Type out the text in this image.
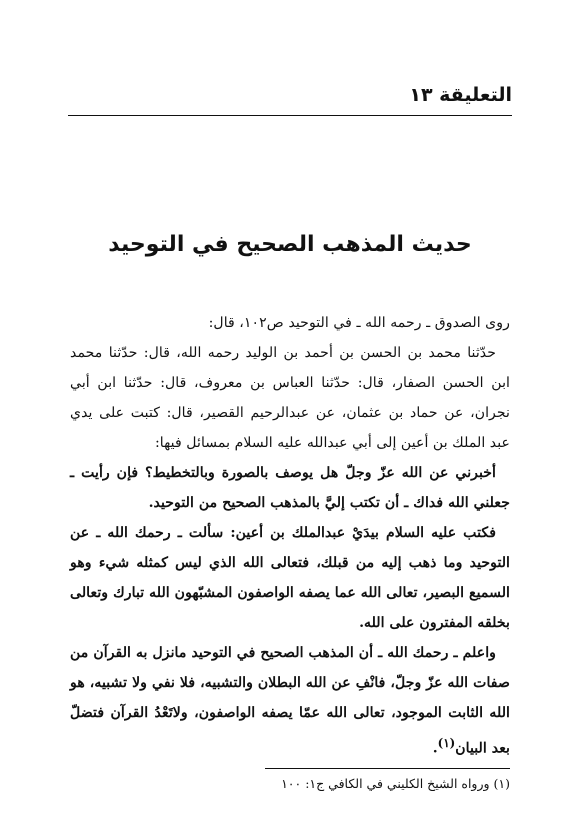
التعليقة ١٣
حديث المذهب الصحيح في التوحيد

روى الصدوق ـ رحمه الله ـ في التوحيد ص١٠٢، قال:

حدّثنا محمد بن الحسن بن أحمد بن الوليد رحمه الله، قال: حدّثنا محمد ابن الحسن الصفار، قال: حدّثنا العباس بن معروف، قال: حدّثنا ابن أبي نجران، عن حماد بن عثمان، عن عبدالرحيم القصير، قال: كتبت على يدي عبد الملك بن أعين إلى أبي عبدالله عليه السلام بمسائل فيها:

أخبرني عن الله عزّ وجلّ هل يوصف بالصورة وبالتخطيط؟ فإن رأيت ـ جعلني الله فداك ـ أن تكتب إليَّ بالمذهب الصحيح من التوحيد.

فكتب عليه السلام بيدَيْ عبدالملك بن أعين: سألت ـ رحمك الله ـ عن التوحيد وما ذهب إليه من قبلك، فتعالى الله الذي ليس كمثله شيء وهو السميع البصير، تعالى الله عما يصفه الواصفون المشبّهون الله تبارك وتعالى بخلقه المفترون على الله.

واعلم ـ رحمك الله ـ أن المذهب الصحيح في التوحيد مانزل به القرآن من صفات الله عزّ وجلّ، فانْفِ عن الله البطلان والتشبيه، فلا نفي ولا تشبيه، هو الله الثابت الموجود، تعالى الله عمّا يصفه الواصفون، ولاتَعْدُ القرآن فتضلّ بعد البيان$^{(١)}$.

(١) ورواه الشيخ الكليني في الكافي ج١: ١٠٠
